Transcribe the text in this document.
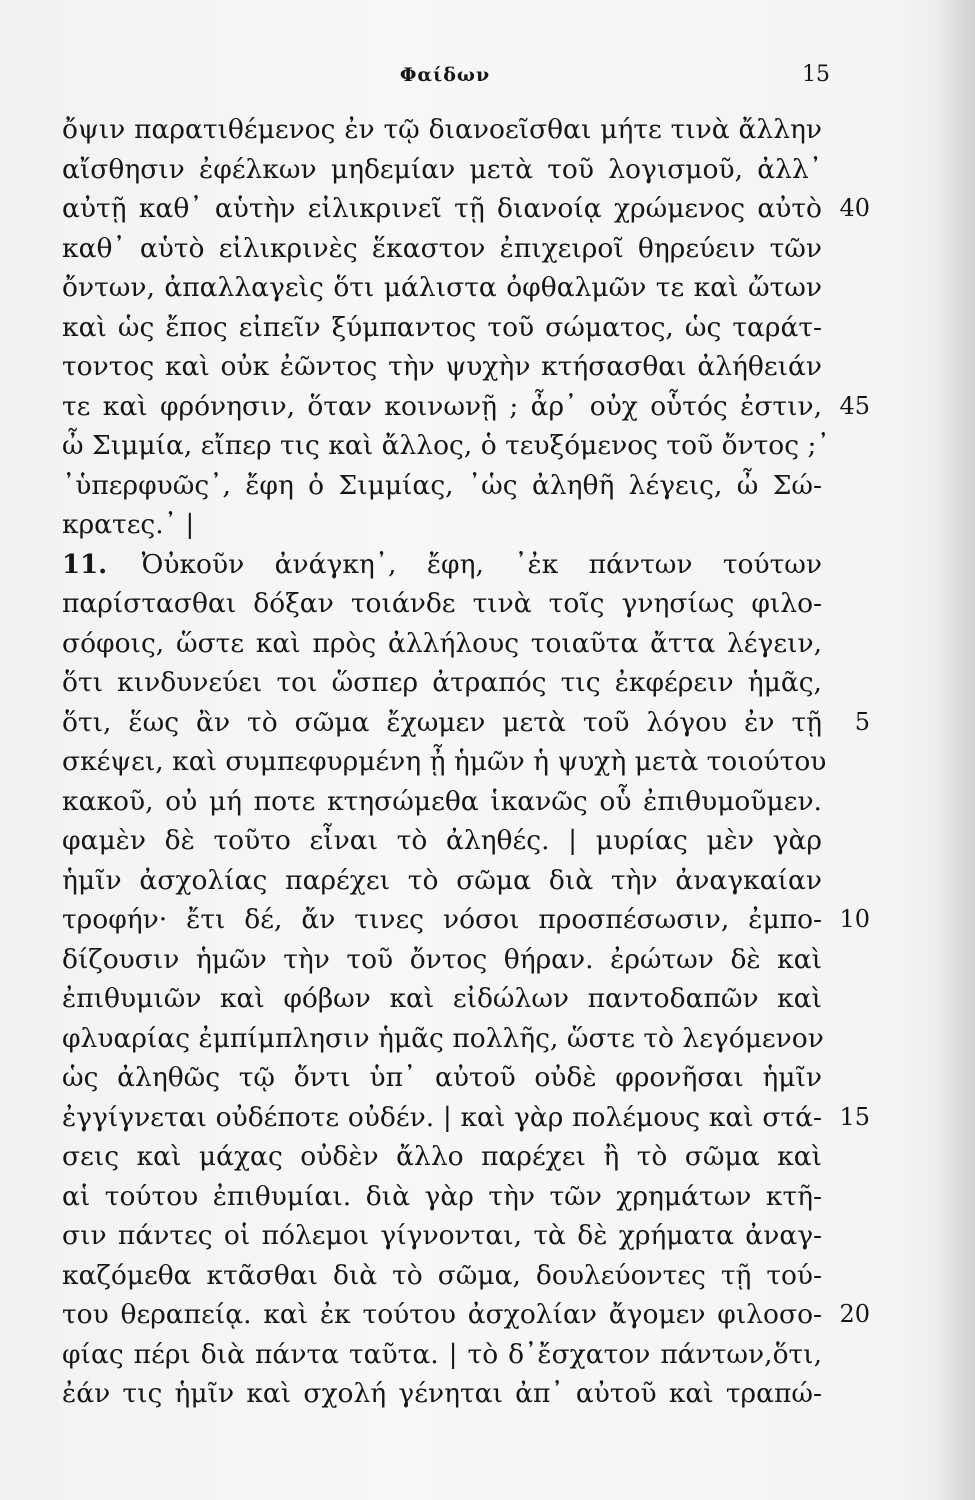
Φαίδων	15
ὄψιν παρατιθέμενος ἐν τῷ διανοεῖσθαι μήτε τινὰ ἄλλην
αἴσθησιν ἐφέλκων μηδεμίαν μετὰ τοῦ λογισμοῦ, ἀλλ᾽
αὐτῇ καθ᾽ αὑτὴν εἰλικρινεῖ τῇ διανοίᾳ χρώμενος αὐτὸ 40
καθ᾽ αὑτὸ εἰλικρινὲς ἕκαστον ἐπιχειροῖ θηρεύειν τῶν
ὄντων, ἀπαλλαγεὶς ὅτι μάλιστα ὀφθαλμῶν τε καὶ ὤτων
καὶ ὡς ἔπος εἰπεῖν ξύμπαντος τοῦ σώματος, ὡς ταράτ-
τοντος καὶ οὐκ ἐῶντος τὴν ψυχὴν κτήσασθαι ἀλήθειάν
τε καὶ φρόνησιν, ὅταν κοινωνῇ ; ἆρ᾽ οὐχ οὗτός ἐστιν, 45
ὦ Σιμμία, εἴπερ τις καὶ ἄλλος, ὁ τευξόμενος τοῦ ὄντος ;᾽
᾽ὑπερφυῶς᾽, ἔφη ὁ Σιμμίας, ᾽ὡς ἀληθῆ λέγεις, ὦ Σώ-
κρατες.᾽ |
11. Ὀὐκοῦν ἀνάγκη᾽, ἔφη, ᾽ἐκ πάντων τούτων
παρίστασθαι δόξαν τοιάνδε τινὰ τοῖς γνησίως φιλο-
σόφοις, ὥστε καὶ πρὸς ἀλλήλους τοιαῦτα ἄττα λέγειν,
ὅτι κινδυνεύει τοι ὥσπερ ἀτραπός τις ἐκφέρειν ἡμᾶς,
ὅτι, ἕως ἂν τὸ σῶμα ἔχωμεν μετὰ τοῦ λόγου ἐν τῇ 5
σκέψει, καὶ συμπεφυρμένη ᾖ ἡμῶν ἡ ψυχὴ μετὰ τοιούτου
κακοῦ, οὐ μή ποτε κτησώμεθα ἱκανῶς οὗ ἐπιθυμοῦμεν.
φαμὲν δὲ τοῦτο εἶναι τὸ ἀληθές. | μυρίας μὲν γὰρ
ἡμῖν ἀσχολίας παρέχει τὸ σῶμα διὰ τὴν ἀναγκαίαν
τροφήν· ἔτι δέ, ἄν τινες νόσοι προσπέσωσιν, ἐμπο- 10
δίζουσιν ἡμῶν τὴν τοῦ ὄντος θήραν. ἐρώτων δὲ καὶ
ἐπιθυμιῶν καὶ φόβων καὶ εἰδώλων παντοδαπῶν καὶ
φλυαρίας ἐμπίμπλησιν ἡμᾶς πολλῆς, ὥστε τὸ λεγόμενον
ὡς ἀληθῶς τῷ ὄντι ὑπ᾽ αὐτοῦ οὐδὲ φρονῆσαι ἡμῖν
ἐγγίγνεται οὐδέποτε οὐδέν. | καὶ γὰρ πολέμους καὶ στά- 15
σεις καὶ μάχας οὐδὲν ἄλλο παρέχει ἢ τὸ σῶμα καὶ
αἱ τούτου ἐπιθυμίαι. διὰ γὰρ τὴν τῶν χρημάτων κτῆ-
σιν πάντες οἱ πόλεμοι γίγνονται, τὰ δὲ χρήματα ἀναγ-
καζόμεθα κτᾶσθαι διὰ τὸ σῶμα, δουλεύοντες τῇ τού-
του θεραπείᾳ. καὶ ἐκ τούτου ἀσχολίαν ἄγομεν φιλοσο- 20
φίας πέρι διὰ πάντα ταῦτα. | τὸ δ᾽ἔσχατον πάντων,ὅτι,
ἐάν τις ἡμῖν καὶ σχολή γένηται ἀπ᾽ αὐτοῦ καὶ τραπώ-
